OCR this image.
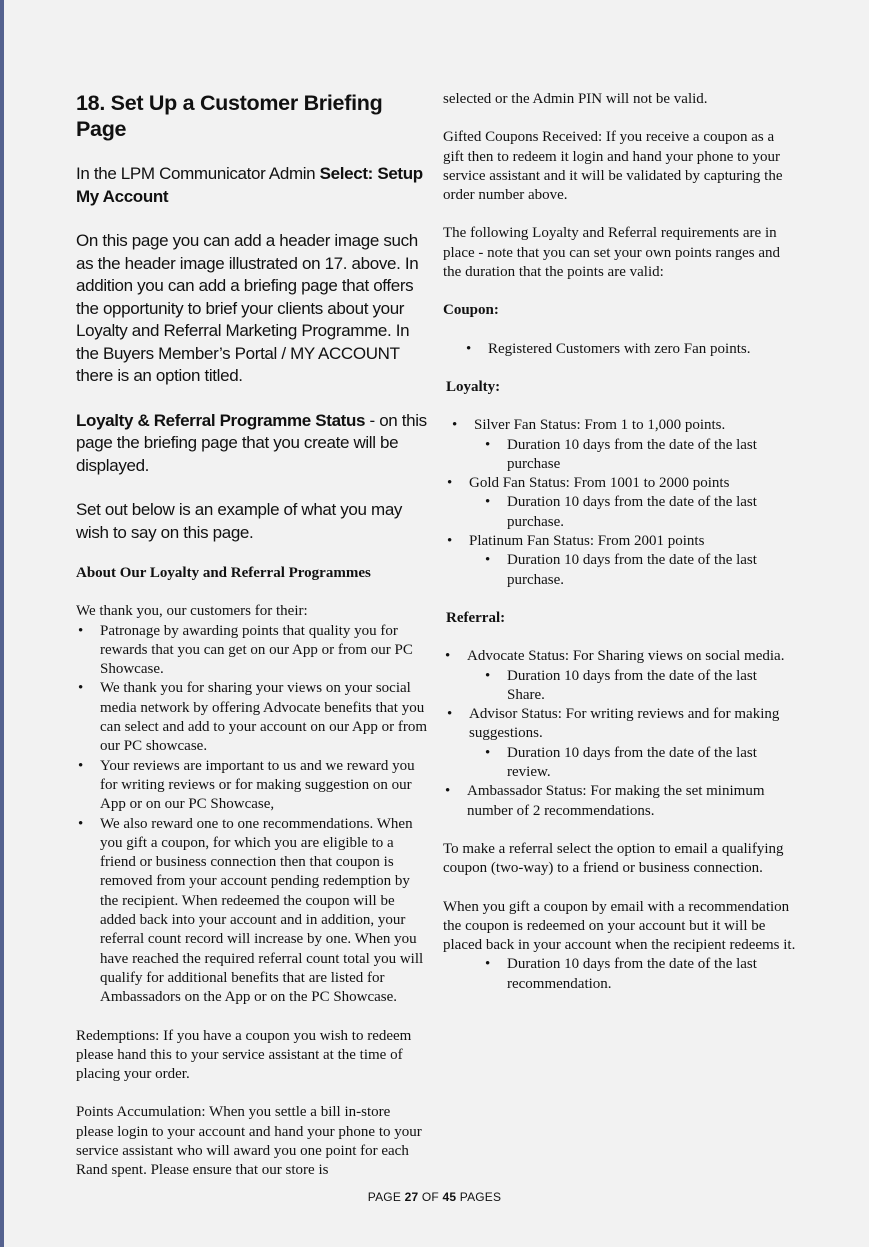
18. Set Up a Customer Briefing Page

In the LPM Communicator Admin Select: Setup My Account

On this page you can add a header image such as the header image illustrated on 17. above. In addition you can add a briefing page that offers the opportunity to brief your clients about your Loyalty and Referral Marketing Programme. In the Buyers Member’s Portal / MY ACCOUNT there is an option titled.

Loyalty & Referral Programme Status - on this page the briefing page that you create will be displayed.

Set out below is an example of what you may wish to say on this page.

About Our Loyalty and Referral Programmes

We thank you, our customers for their:

• Patronage by awarding points that quality you for rewards that you can get on our App or from our PC Showcase.
• We thank you for sharing your views on your social media network by offering Advocate benefits that you can select and add to your account on our App or from our PC showcase.
• Your reviews are important to us and we reward you for writing reviews or for making suggestion on our App or on our PC Showcase,
• We also reward one to one recommendations. When you gift a coupon, for which you are eligible to a friend or business connection then that coupon is removed from your account pending redemption by the recipient. When redeemed the coupon will be added back into your account and in addition, your referral count record will increase by one. When you have reached the required referral count total you will qualify for additional benefits that are listed for Ambassadors on the App or on the PC Showcase.

Redemptions: If you have a coupon you wish to redeem please hand this to your service assistant at the time of placing your order.

Points Accumulation: When you settle a bill in-store please login to your account and hand your phone to your service assistant who will award you one point for each Rand spent. Please ensure that our store is

selected or the Admin PIN will not be valid.

Gifted Coupons Received: If you receive a coupon as a gift then to redeem it login and hand your phone to your service assistant and it will be validated by capturing the order number above.

The following Loyalty and Referral requirements are in place - note that you can set your own points ranges and the duration that the points are valid:

Coupon:

• Registered Customers with zero Fan points.

Loyalty:

• Silver Fan Status: From 1 to 1,000 points.
• Duration 10 days from the date of the last purchase
• Gold Fan Status: From 1001 to 2000 points
• Duration 10 days from the date of the last purchase.
• Platinum Fan Status: From 2001 points
• Duration 10 days from the date of the last purchase.

Referral:

• Advocate Status: For Sharing views on social media.
• Duration 10 days from the date of the last Share.
• Advisor Status: For writing reviews and for making suggestions.
• Duration 10 days from the date of the last review.
• Ambassador Status: For making the set minimum number of 2 recommendations.

To make a referral select the option to email a qualifying coupon (two-way) to a friend or business connection.

When you gift a coupon by email with a recommendation the coupon is redeemed on your account but it will be placed back in your account when the recipient redeems it.

• Duration 10 days from the date of the last recommendation.
PAGE 27 OF 45 PAGES
